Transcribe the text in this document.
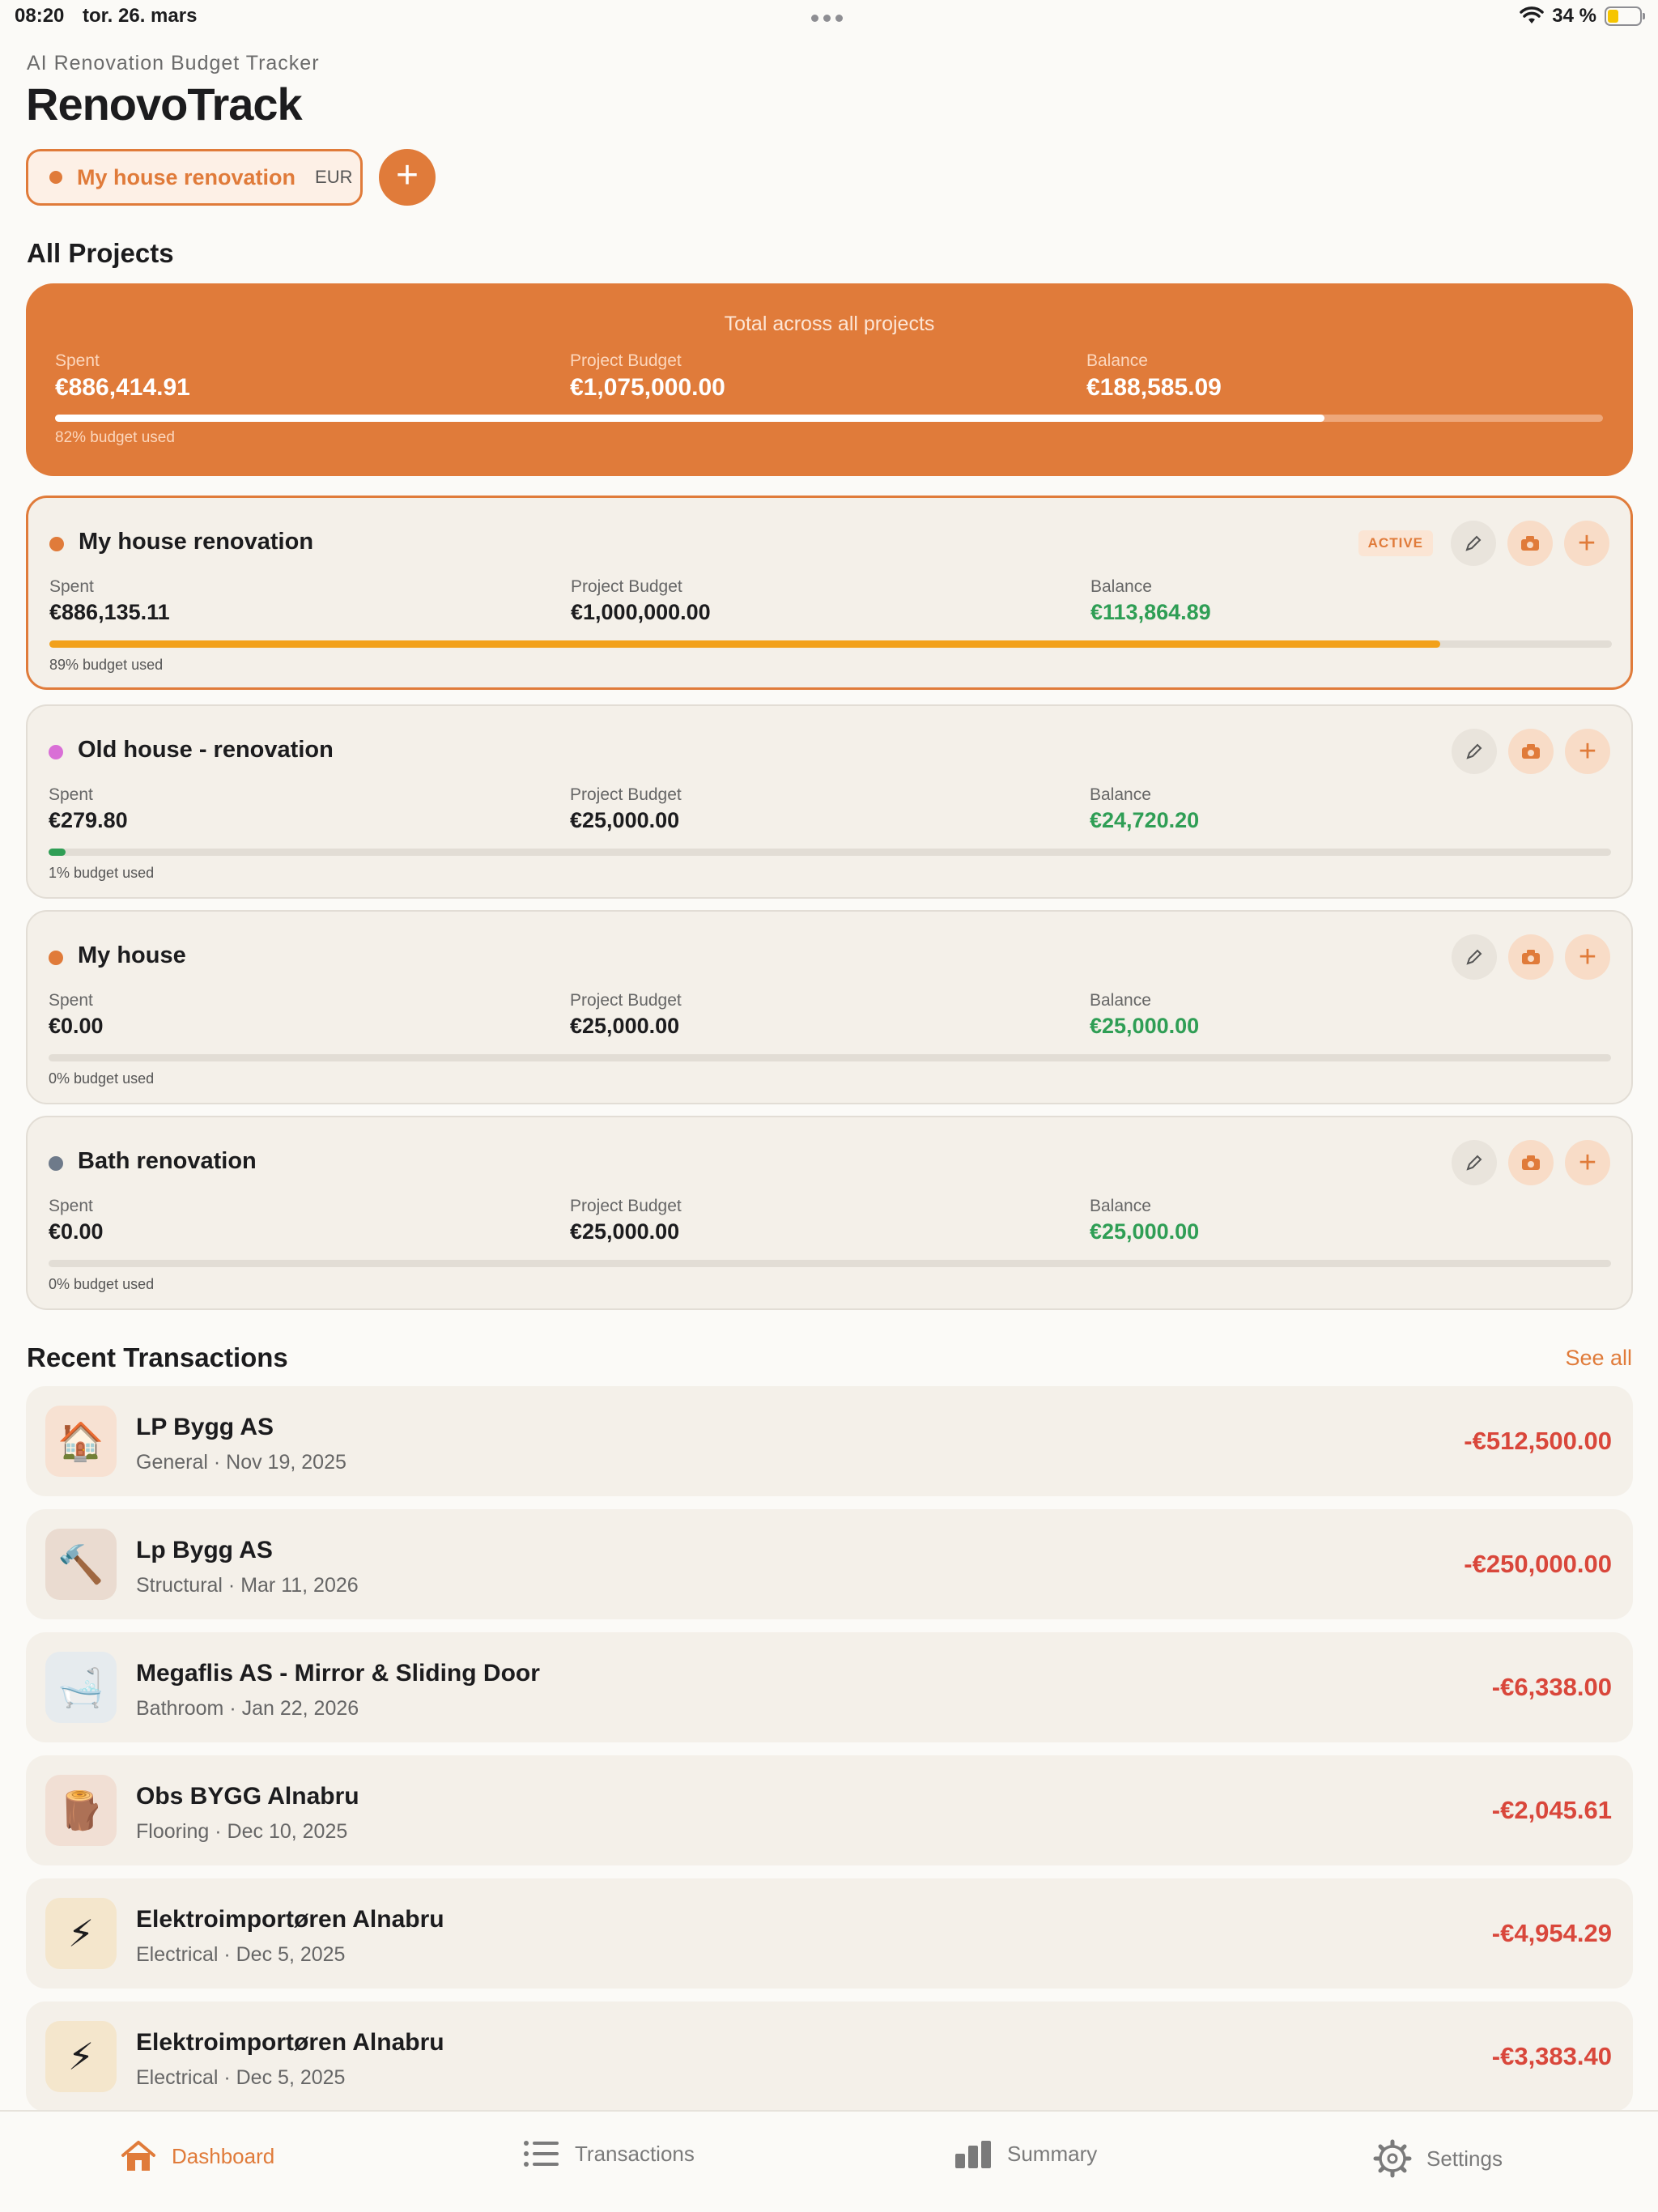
08:20 tor. 26. mars	34 %
AI Renovation Budget Tracker
RenovoTrack
My house renovation EUR	+
All Projects
Total across all projects
Spent
€886,414.91
Project Budget
€1,075,000.00
Balance
€188,585.09
82% budget used
My house renovation	ACTIVE	+
Spent
€886,135.11
Project Budget
€1,000,000.00
Balance
€113,864.89
89% budget used
Old house - renovation	+
Spent
€279.80
Project Budget
€25,000.00
Balance
€24,720.20
1% budget used
My house	+
Spent
€0.00
Project Budget
€25,000.00
Balance
€25,000.00
0% budget used
Bath renovation	+
Spent
€0.00
Project Budget
€25,000.00
Balance
€25,000.00
0% budget used
Recent Transactions	See all
🏠	LP Bygg AS
General · Nov 19, 2025
-€512,500.00
🔨	Lp Bygg AS
Structural · Mar 11, 2026
-€250,000.00
🛁	Megaflis AS - Mirror & Sliding Door
Bathroom · Jan 22, 2026
-€6,338.00
🪵	Obs BYGG Alnabru
Flooring · Dec 10, 2025
-€2,045.61
⚡	Elektroimportøren Alnabru
Electrical · Dec 5, 2025
-€4,954.29
⚡	Elektroimportøren Alnabru
Electrical · Dec 5, 2025
-€3,383.40
Dashboard	Transactions	Summary	Settings
